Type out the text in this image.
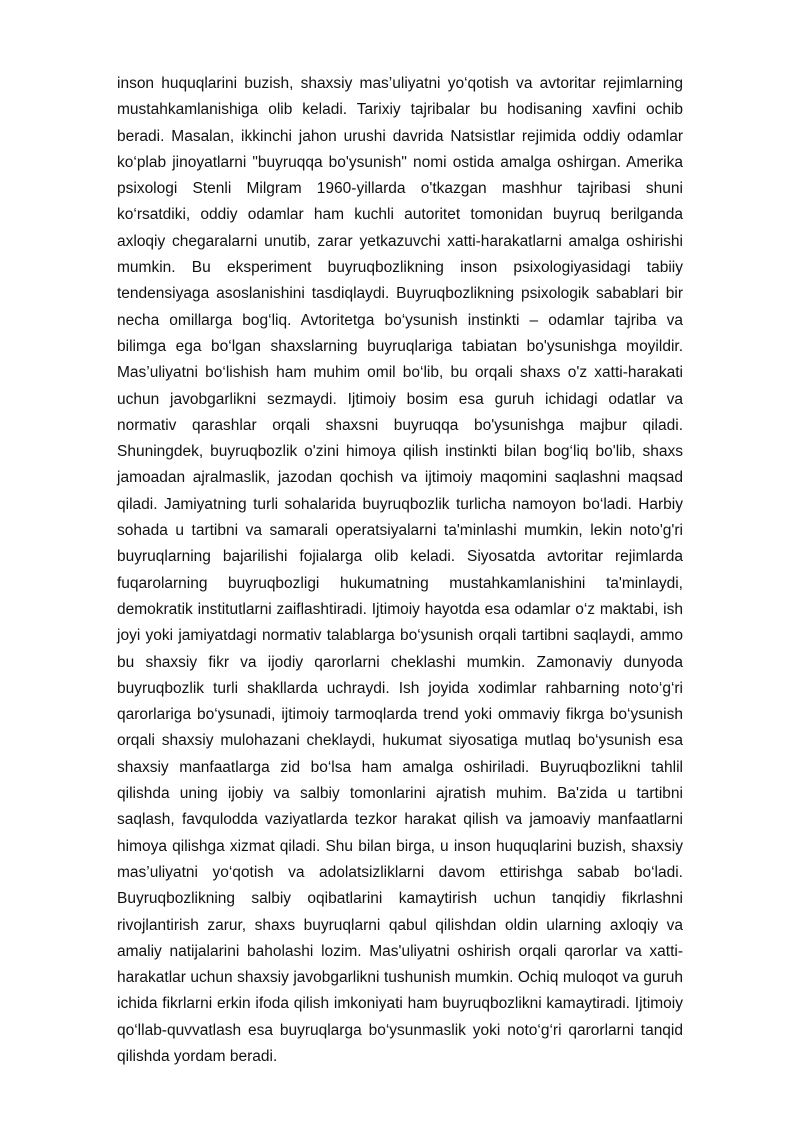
inson huquqlarini buzish, shaxsiy mas’uliyatni yo‘qotish va avtoritar rejimlarning mustahkamlanishiga olib keladi. Tarixiy tajribalar bu hodisaning xavfini ochib beradi. Masalan, ikkinchi jahon urushi davrida Natsistlar rejimida oddiy odamlar ko‘plab jinoyatlarni "buyruqqa bo'ysunish" nomi ostida amalga oshirgan. Amerika psixologi Stenli Milgram 1960-yillarda o'tkazgan mashhur tajribasi shuni ko‘rsatdiki, oddiy odamlar ham kuchli autoritet tomonidan buyruq berilganda axloqiy chegaralarni unutib, zarar yetkazuvchi xatti-harakatlarni amalga oshirishi mumkin. Bu eksperiment buyruqbozlikning inson psixologiyasidagi tabiiy tendensiyaga asoslanishini tasdiqlaydi. Buyruqbozlikning psixologik sabablari bir necha omillarga bog‘liq. Avtoritetga bo‘ysunish instinkti – odamlar tajriba va bilimga ega bo‘lgan shaxslarning buyruqlariga tabiatan bo'ysunishga moyildir. Mas’uliyatni bo‘lishish ham muhim omil bo‘lib, bu orqali shaxs o'z xatti-harakati uchun javobgarlikni sezmaydi. Ijtimoiy bosim esa guruh ichidagi odatlar va normativ qarashlar orqali shaxsni buyruqqa bo'ysunishga majbur qiladi. Shuningdek, buyruqbozlik o'zini himoya qilish instinkti bilan bog‘liq bo'lib, shaxs jamoadan ajralmaslik, jazodan qochish va ijtimoiy maqomini saqlashni maqsad qiladi. Jamiyatning turli sohalarida buyruqbozlik turlicha namoyon bo‘ladi. Harbiy sohada u tartibni va samarali operatsiyalarni ta'minlashi mumkin, lekin noto'g'ri buyruqlarning bajarilishi fojialarga olib keladi. Siyosatda avtoritar rejimlarda fuqarolarning buyruqbozligi hukumatning mustahkamlanishini ta'minlaydi, demokratik institutlarni zaiflashtiradi. Ijtimoiy hayotda esa odamlar o‘z maktabi, ish joyi yoki jamiyatdagi normativ talablarga bo‘ysunish orqali tartibni saqlaydi, ammo bu shaxsiy fikr va ijodiy qarorlarni cheklashi mumkin. Zamonaviy dunyoda buyruqbozlik turli shakllarda uchraydi. Ish joyida xodimlar rahbarning noto‘g‘ri qarorlariga bo‘ysunadi, ijtimoiy tarmoqlarda trend yoki ommaviy fikrga bo‘ysunish orqali shaxsiy mulohazani cheklaydi, hukumat siyosatiga mutlaq bo‘ysunish esa shaxsiy manfaatlarga zid bo‘lsa ham amalga oshiriladi. Buyruqbozlikni tahlil qilishda uning ijobiy va salbiy tomonlarini ajratish muhim. Ba'zida u tartibni saqlash, favqulodda vaziyatlarda tezkor harakat qilish va jamoaviy manfaatlarni himoya qilishga xizmat qiladi. Shu bilan birga, u inson huquqlarini buzish, shaxsiy mas’uliyatni yo‘qotish va adolatsizliklarni davom ettirishga sabab bo‘ladi. Buyruqbozlikning salbiy oqibatlarini kamaytirish uchun tanqidiy fikrlashni rivojlantirish zarur, shaxs buyruqlarni qabul qilishdan oldin ularning axloqiy va amaliy natijalarini baholashi lozim. Mas'uliyatni oshirish orqali qarorlar va xatti-harakatlar uchun shaxsiy javobgarlikni tushunish mumkin. Ochiq muloqot va guruh ichida fikrlarni erkin ifoda qilish imkoniyati ham buyruqbozlikni kamaytiradi. Ijtimoiy qo‘llab-quvvatlash esa buyruqlarga bo‘ysunmaslik yoki noto‘g‘ri qarorlarni tanqid qilishda yordam beradi.
